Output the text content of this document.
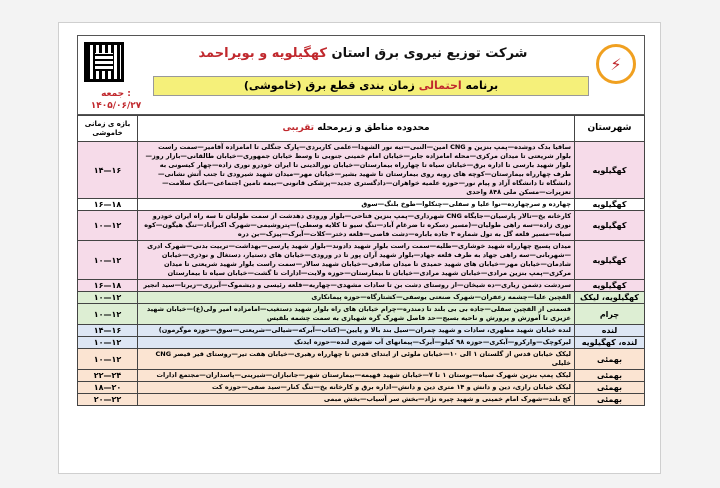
⚡
شرکت توزیع نیروی برق استان کهگیلویه و بویراحمد
برنامه احتمالی زمان بندی قطع برق (خاموشی)
جمعه :
۱۴۰۵/۰۶/۲۷
شهرستان	محدوده مناطق و زیرمحله تقریبی	بازه ی زمانی خاموشی
کهگیلویه	ساقیا بدک دوشده—پمپ بنزین و CNG امین—النبی—تیه نور الشهدا—علمی کاربردی—پارک جنگلی تا امامزاده آقامیر—سمت راست بلوار شریعتی تا میدان مرکزی—محله امامزاده جابر—خیابان امام خمینی جنوبی تا وسط خیابان جمهوری—خیابان طالقانی—بازار روز—بلوار شهید بارسی تا اداره برق—خیابان سیاه تا چهارراه بیمارستان—خیابان نورالدینی تا ایران خودرو نوری زاده—چهار کیسونی به طرف چهارراه بیمارستان—کوچه های روبه روی بیمارستان تا شهید بشیر—خیابان مهر—میدان شهید شیرودی تا جنب آتش نشانی—دانشگاه تا دانشگاه آزاد و پیام نور—حوزه علمیه خواهران—دادگستری جدید—پزشکی قانونی—بیمه تامین اجتماعی—بانک سلامت—تعزیرات—مسکن ملی ۸۴۸ واحدی	۱۴—۱۶
کهگیلویه	چهارده و سرچهارده—نوا علیا و سفلی—چنکلوا—طوخ بلنگ—سوق	۱۶—۱۸
کهگیلویه	کارخانه یخ—تالار پارسیان—جایگاه CNG شهرداری—پمپ بنزین فتاحی—بلوار ورودی دهدشت از سمت طولیان تا سه راه ایران خودرو نوری زاده—سه راهی طولیان—(مسیر دسکره تا ضرغام آباد—تنگ سیو تا کلایه وسطی)—پتروشیمی—شهرک اکبرآباد—تنگ هیگون—کوه سیاه—مسیر قلعه گل به تول شماره ۳ جاده باباره—دشت قاصی—قلعه دختر—کلات—آبرک—پیزک—بن دره	۱۰—۱۲
کهگیلویه	میدان پسیج چهارراه شهید خوشاری—طلیه—سمت راست بلوار شهید دادوند—بلوار شهید پارسی—بهداشت—تربیت بدنی—شهرک ادری—شهربانی—سه راهی جهاد به طرف قلعه جهاد—بلوار شهید آران پور تا در ورودی—خیابان های دستیار، دستغال و نوذری—خیابان شادمان—خیابان مهر—خیابان های شهید حمیدی تا میدان صادقی—خیابان شهید سالار—سمت راست بلوار شهید شریعتی تا میدان مرکزی—پمپ بنزین مرادی—خیابان شهید مرادی—خیابان تا بیمارستان—حوزه ولایت—ادارات تا گشت—خیابان سیاه تا بیمارستان	۱۰—۱۲
کهگیلویه	سردشت دشمن زیاری—ده شیخان—از روستای دشت بن تا سادات مشهدی—چهاربه—قلعه رئیسی و دیشموک—آبرزی—زیرتا—سید انجیر	۱۶—۱۸
کهگیلویه، لیکک	القچین علیا—چشمه زعفران—شهرک صنعتی یوسفی—کشتارگاه—حوزه پیمانکاری	۱۰—۱۲
چرام	قسمتی از القچین سفلی—جاده بی بی بلند تا دمندره—چرام خیابان های راه بلوار شهید دستغیب—امامزاده امیر ولی(ع)—خیابان شهید عزیزی تا آموزش و پرورش و ناحیه بسیج—حد فاصل شهرک گره شهبازی به سمت چشمه بلقیس	۱۰—۱۲
لنده	لنده خیابان شهید مطهری، سادات و شهید چمران—سیل بند بالا و پایین—(کتاب—آبرکه—شیالی—شریعتی—سوق—حوزه موگرمون)	۱۴—۱۶
لنده، کهگیلویه	لیرکوچک—وارکرو—آبکری—حوزه ۹۸ کیلو—آبرک—پیمانهای آب شهری لنده—حوزه ایدنک	۱۰—۱۲
بهمئی	لیکک خیابان قدس از گلستان ۱ الی ۱۰—خیابان ملوئی از ابتدای قدس تا چهارراه رهبری—خیابان هفت تیر—روستای قیر قیصر CNG خلیلی	۱۰—۱۲
بهمئی	لیکک پمپ بنزین شهرک سیاه—بوستان ۱ تا ۷—خیابان شهید قهیمه—بیمارستان شهر—جانبازان—شیرینی—پاسداران—مجتمع ادارات	۲۲—۲۴
بهمئی	لیکک خیابان رازی، دین و دانش و ۱۴ متری دین و دانش—اداره برق و کارخانه یخ—تنگ کنار—سید صفی—حوزه کت	۱۸—۲۰
بهمئی	کج بلند—شهرک امام خمینی و شهید چیره نژاد—بخش سر آسیاب—بخش مبمی	۲۰—۲۲
